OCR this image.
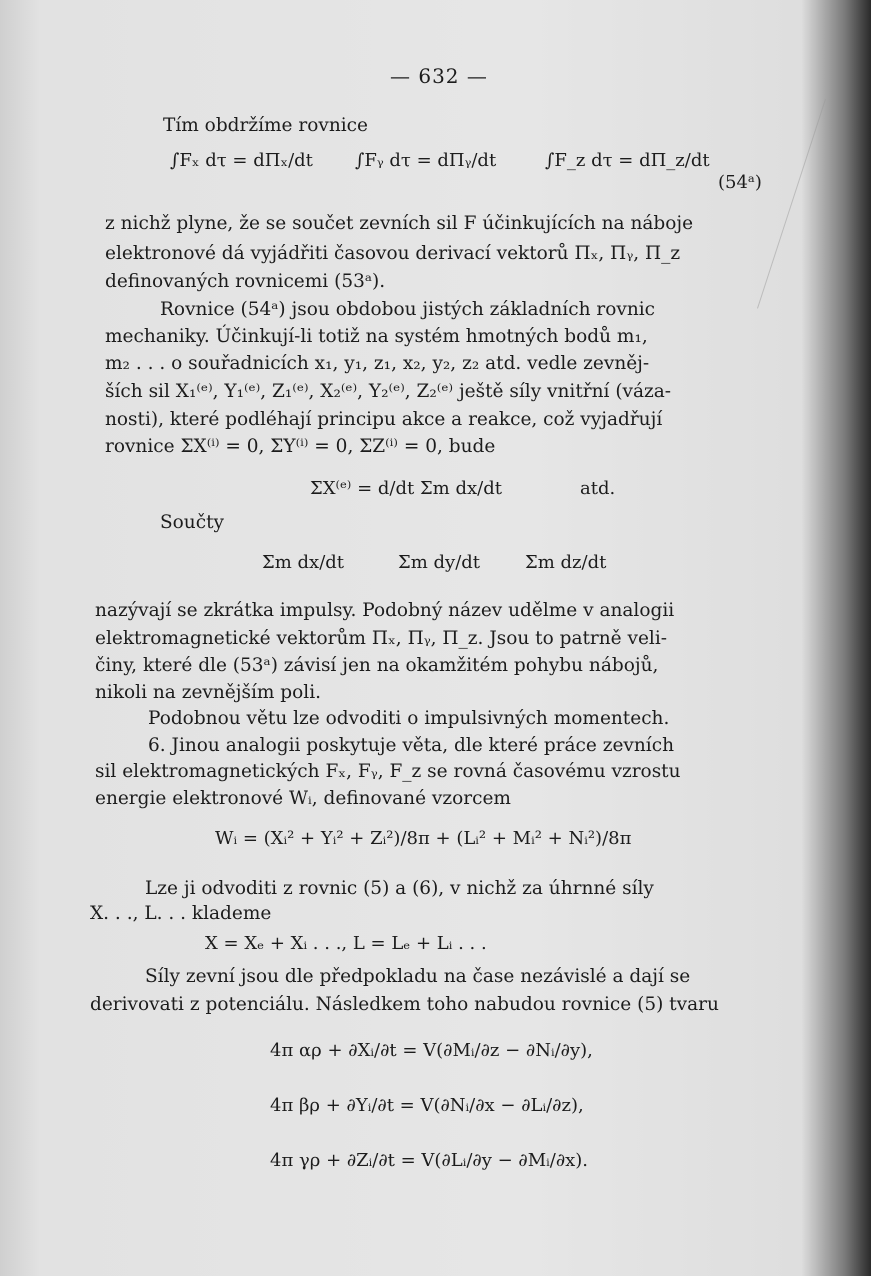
— 632 —
Tím obdržíme rovnice
∫Fₓ dτ = dΠₓ/dt ∫Fᵧ dτ = dΠᵧ/dt	∫F_z dτ = dΠ_z/dt
(54ᵃ)
z nichž plyne, že se součet zevních sil F účinkujících na náboje
elektronové dá vyjádřiti časovou derivací vektorů Πₓ, Πᵧ, Π_z
definovaných rovnicemi (53ᵃ).
Rovnice (54ᵃ) jsou obdobou jistých základních rovnic
mechaniky. Účinkují-li totiž na systém hmotných bodů m₁,
m₂ . . . o souřadnicích x₁, y₁, z₁, x₂, y₂, z₂ atd. vedle zevněj-
ších sil X₁⁽ᵉ⁾, Y₁⁽ᵉ⁾, Z₁⁽ᵉ⁾, X₂⁽ᵉ⁾, Y₂⁽ᵉ⁾, Z₂⁽ᵉ⁾ ještě síly vnitřní (váza-
nosti), které podléhají principu akce a reakce, což vyjadřují
rovnice ΣX⁽ⁱ⁾ = 0, ΣY⁽ⁱ⁾ = 0, ΣZ⁽ⁱ⁾ = 0, bude
ΣX⁽ᵉ⁾ = d/dt Σm dx/dt	atd.
Součty
Σm dx/dt	Σm dy/dt Σm dz/dt
nazývají se zkrátka impulsy. Podobný název udělme v analogii
elektromagnetické vektorům Πₓ, Πᵧ, Π_z. Jsou to patrně veli-
činy, které dle (53ᵃ) závisí jen na okamžitém pohybu nábojů,
nikoli na zevnějším poli.
Podobnou větu lze odvoditi o impulsivných momentech.
6. Jinou analogii poskytuje věta, dle které práce zevních
sil elektromagnetických Fₓ, Fᵧ, F_z se rovná časovému vzrostu
energie elektronové Wᵢ, definované vzorcem
Wᵢ = (Xᵢ² + Yᵢ² + Zᵢ²)/8π + (Lᵢ² + Mᵢ² + Nᵢ²)/8π
Lze ji odvoditi z rovnic (5) a (6), v nichž za úhrnné síly
X. . ., L. . . klademe
X = Xₑ + Xᵢ . . ., L = Lₑ + Lᵢ . . .
Síly zevní jsou dle předpokladu na čase nezávislé a dají se
derivovati z potenciálu. Následkem toho nabudou rovnice (5) tvaru
4π αρ + ∂Xᵢ/∂t = V(∂Mᵢ/∂z − ∂Nᵢ/∂y),
4π βρ + ∂Yᵢ/∂t = V(∂Nᵢ/∂x − ∂Lᵢ/∂z),
4π γρ + ∂Zᵢ/∂t = V(∂Lᵢ/∂y − ∂Mᵢ/∂x).
